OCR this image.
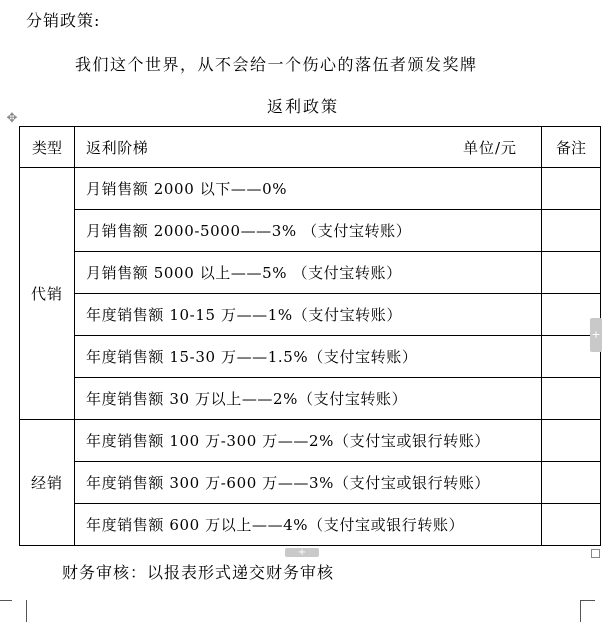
分销政策:
我们这个世界，从不会给一个伤心的落伍者颁发奖牌
返利政策
✥
类型	返利阶梯 单位/元	备注
代销	月销售额 2000 以下——0%	
	月销售额 2000-5000——3% （支付宝转账）	
	月销售额 5000 以上——5% （支付宝转账）	
	年度销售额 10-15 万——1%（支付宝转账）	
	年度销售额 15-30 万——1.5%（支付宝转账）	
	年度销售额 30 万以上——2%（支付宝转账）	
经销	年度销售额 100 万-300 万——2%（支付宝或银行转账）	
	年度销售额 300 万-600 万——3%（支付宝或银行转账）	
	年度销售额 600 万以上——4%（支付宝或银行转账）	
+
+
财务审核：以报表形式递交财务审核
